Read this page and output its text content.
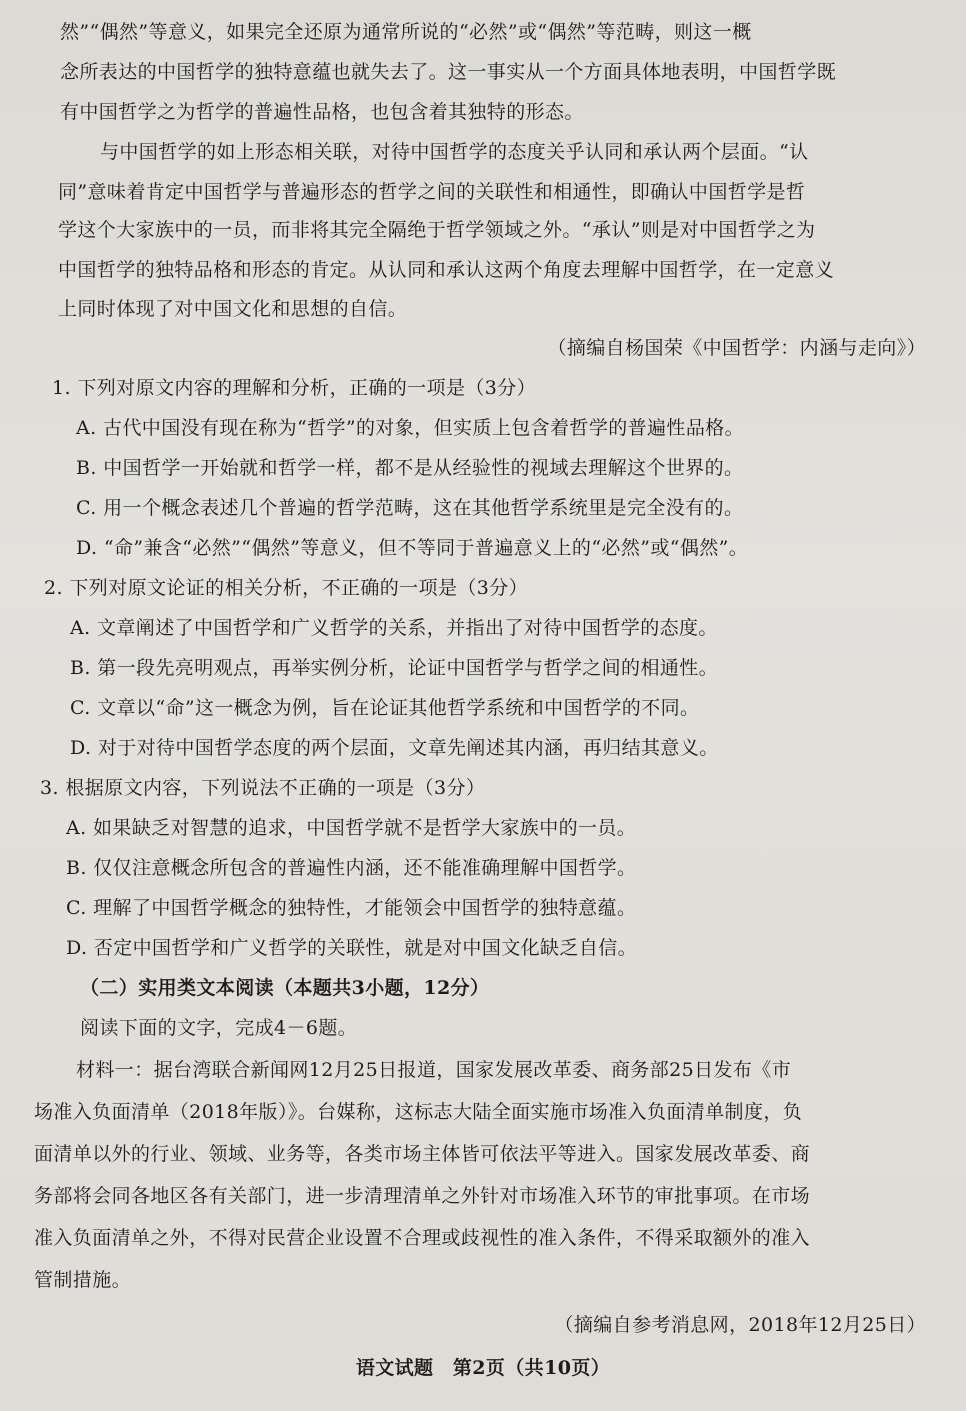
然”“偶然”等意义，如果完全还原为通常所说的“必然”或“偶然”等范畴，则这一概
念所表达的中国哲学的独特意蕴也就失去了。这一事实从一个方面具体地表明，中国哲学既
有中国哲学之为哲学的普遍性品格，也包含着其独特的形态。
与中国哲学的如上形态相关联，对待中国哲学的态度关乎认同和承认两个层面。“认
同”意味着肯定中国哲学与普遍形态的哲学之间的关联性和相通性，即确认中国哲学是哲
学这个大家族中的一员，而非将其完全隔绝于哲学领域之外。“承认”则是对中国哲学之为
中国哲学的独特品格和形态的肯定。从认同和承认这两个角度去理解中国哲学，在一定意义
上同时体现了对中国文化和思想的自信。
（摘编自杨国荣《中国哲学：内涵与走向》）
1. 下列对原文内容的理解和分析，正确的一项是（3分）
A. 古代中国没有现在称为“哲学”的对象，但实质上包含着哲学的普遍性品格。
B. 中国哲学一开始就和哲学一样，都不是从经验性的视域去理解这个世界的。
C. 用一个概念表述几个普遍的哲学范畴，这在其他哲学系统里是完全没有的。
D. “命”兼含“必然”“偶然”等意义，但不等同于普遍意义上的“必然”或“偶然”。
2. 下列对原文论证的相关分析，不正确的一项是（3分）
A. 文章阐述了中国哲学和广义哲学的关系，并指出了对待中国哲学的态度。
B. 第一段先亮明观点，再举实例分析，论证中国哲学与哲学之间的相通性。
C. 文章以“命”这一概念为例，旨在论证其他哲学系统和中国哲学的不同。
D. 对于对待中国哲学态度的两个层面，文章先阐述其内涵，再归结其意义。
3. 根据原文内容，下列说法不正确的一项是（3分）
A. 如果缺乏对智慧的追求，中国哲学就不是哲学大家族中的一员。
B. 仅仅注意概念所包含的普遍性内涵，还不能准确理解中国哲学。
C. 理解了中国哲学概念的独特性，才能领会中国哲学的独特意蕴。
D. 否定中国哲学和广义哲学的关联性，就是对中国文化缺乏自信。
（二）实用类文本阅读（本题共3小题，12分）
阅读下面的文字，完成4－6题。
材料一：据台湾联合新闻网12月25日报道，国家发展改革委、商务部25日发布《市
场准入负面清单（2018年版）》。台媒称，这标志大陆全面实施市场准入负面清单制度，负
面清单以外的行业、领域、业务等，各类市场主体皆可依法平等进入。国家发展改革委、商
务部将会同各地区各有关部门，进一步清理清单之外针对市场准入环节的审批事项。在市场
准入负面清单之外，不得对民营企业设置不合理或歧视性的准入条件，不得采取额外的准入
管制措施。
（摘编自参考消息网，2018年12月25日）
语文试题　第2页（共10页）
